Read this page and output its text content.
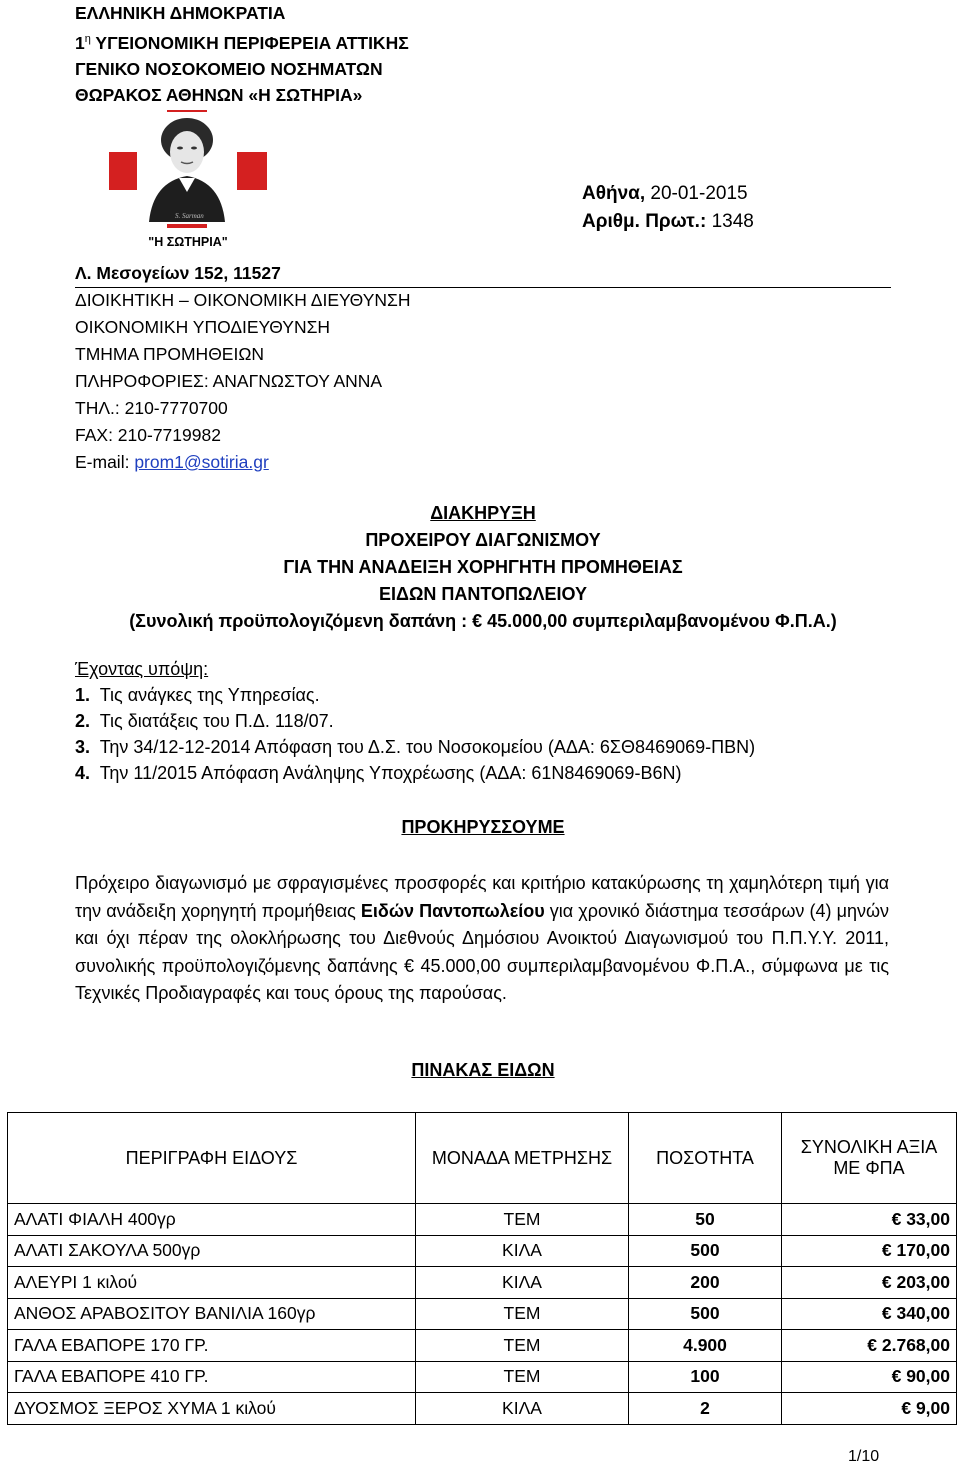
ΕΛΛΗΝΙΚΗ ΔΗΜΟΚΡΑΤΙΑ
$1^\eta$ ΥΓΕΙΟΝΟΜΙΚΗ ΠΕΡΙΦΕΡΕΙΑ ΑΤΤΙΚΗΣ
ΓΕΝΙΚΟ ΝΟΣΟΚΟΜΕΙΟ ΝΟΣΗΜΑΤΩΝ
ΘΩΡΑΚΟΣ ΑΘΗΝΩΝ «Η ΣΩΤΗΡΙΑ»
S. Sarman
"Η ΣΩΤΗΡΙΑ"
Αθήνα, 20-01-2015
Αριθμ. Πρωτ.: 1348
Λ. Μεσογείων 152, 11527
ΔΙΟΙΚΗΤΙΚΗ – ΟΙΚΟΝΟΜΙΚΗ ΔΙΕΥΘΥΝΣΗ
ΟΙΚΟΝΟΜΙΚΗ ΥΠΟΔΙΕΥΘΥΝΣΗ
ΤΜΗΜΑ ΠΡΟΜΗΘΕΙΩΝ
ΠΛΗΡΟΦΟΡΙΕΣ: ΑΝΑΓΝΩΣΤΟΥ ΑΝΝΑ
ΤΗΛ.: 210-7770700
FAX: 210-7719982
E-mail: prom1@sotiria.gr
ΔΙΑΚΗΡΥΞΗ
ΠΡΟΧΕΙΡΟΥ ΔΙΑΓΩΝΙΣΜΟΥ
ΓΙΑ ΤΗΝ ΑΝΑΔΕΙΞΗ ΧΟΡΗΓΗΤΗ ΠΡΟΜΗΘΕΙΑΣ
ΕΙΔΩΝ ΠΑΝΤΟΠΩΛΕΙΟΥ
(Συνολική προϋπολογιζόμενη δαπάνη : € 45.000,00 συμπεριλαμβανομένου Φ.Π.Α.)
Έχοντας υπόψη:
1. Τις ανάγκες της Υπηρεσίας.
2. Τις διατάξεις του Π.Δ. 118/07.
3. Την 34/12-12-2014 Απόφαση του Δ.Σ. του Νοσοκομείου (ΑΔΑ: 6ΣΘ8469069-ΠΒΝ)
4. Την 11/2015 Απόφαση Ανάληψης Υποχρέωσης (ΑΔΑ: 61Ν8469069-Β6Ν)
ΠΡΟΚΗΡΥΣΣΟΥΜΕ
Πρόχειρο διαγωνισμό με σφραγισμένες προσφορές και κριτήριο κατακύρωσης τη χαμηλότερη τιμή για την ανάδειξη χορηγητή προμήθειας Ειδών Παντοπωλείου για χρονικό διάστημα τεσσάρων (4) μηνών και όχι πέραν της ολοκλήρωσης του Διεθνούς Δημόσιου Ανοικτού Διαγωνισμού του Π.Π.Υ.Υ. 2011, συνολικής προϋπολογιζόμενης δαπάνης € 45.000,00 συμπεριλαμβανομένου Φ.Π.Α., σύμφωνα με τις Τεχνικές Προδιαγραφές και τους όρους της παρούσας.
ΠΙΝΑΚΑΣ ΕΙΔΩΝ
ΠΕΡΙΓΡΑΦΗ ΕΙΔΟΥΣ	ΜΟΝΑΔΑ ΜΕΤΡΗΣΗΣ	ΠΟΣΟΤΗΤΑ	ΣΥΝΟΛΙΚΗ ΑΞΙΑ
ΜΕ ΦΠΑ

ΑΛΑΤΙ ΦΙΑΛΗ 400γρ	ΤΕΜ	50	€ 33,00
ΑΛΑΤΙ ΣΑΚΟΥΛΑ 500γρ	ΚΙΛΑ	500	€ 170,00
ΑΛΕΥΡΙ 1 κιλού	ΚΙΛΑ	200	€ 203,00
ΑΝΘΟΣ ΑΡΑΒΟΣΙΤΟΥ ΒΑΝΙΛΙΑ 160γρ	ΤΕΜ	500	€ 340,00
ΓΑΛΑ ΕΒΑΠΟΡΕ 170 ΓΡ.	ΤΕΜ	4.900	€ 2.768,00
ΓΑΛΑ ΕΒΑΠΟΡΕ 410 ΓΡ.	ΤΕΜ	100	€ 90,00
ΔΥΟΣΜΟΣ ΞΕΡΟΣ ΧΥΜΑ 1 κιλού	ΚΙΛΑ	2	€ 9,00
1/10
